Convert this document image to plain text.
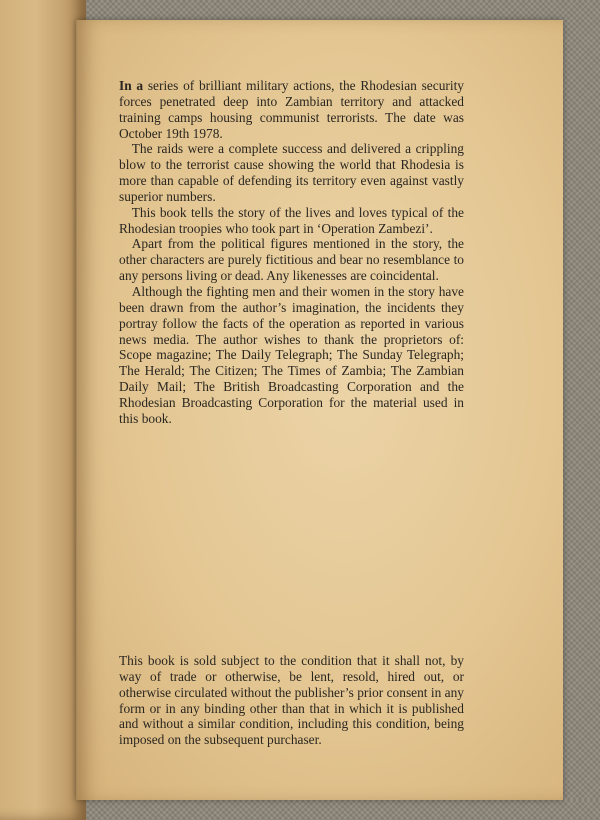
In a series of brilliant military actions, the Rhodesian security forces penetrated deep into Zambian territory and attacked training camps housing communist terrorists. The date was October 19th 1978.

The raids were a complete success and delivered a crippling blow to the terrorist cause showing the world that Rhodesia is more than capable of defending its territory even against vastly superior numbers.

This book tells the story of the lives and loves typical of the Rhodesian troopies who took part in ‘Operation Zambezi’.

Apart from the political figures mentioned in the story, the other characters are purely fictitious and bear no resemblance to any persons living or dead. Any likenesses are coincidental.

Although the fighting men and their women in the story have been drawn from the author’s imagination, the incidents they portray follow the facts of the operation as reported in various news media. The author wishes to thank the proprietors of: Scope magazine; The Daily Telegraph; The Sunday Telegraph; The Herald; The Citizen; The Times of Zambia; The Zambian Daily Mail; The British Broadcasting Corporation and the Rhodesian Broadcasting Corporation for the material used in this book.

This book is sold subject to the condition that it shall not, by way of trade or otherwise, be lent, resold, hired out, or otherwise circulated without the publisher’s prior consent in any form or in any binding other than that in which it is published and without a similar condition, including this condition, being imposed on the subsequent purchaser.
